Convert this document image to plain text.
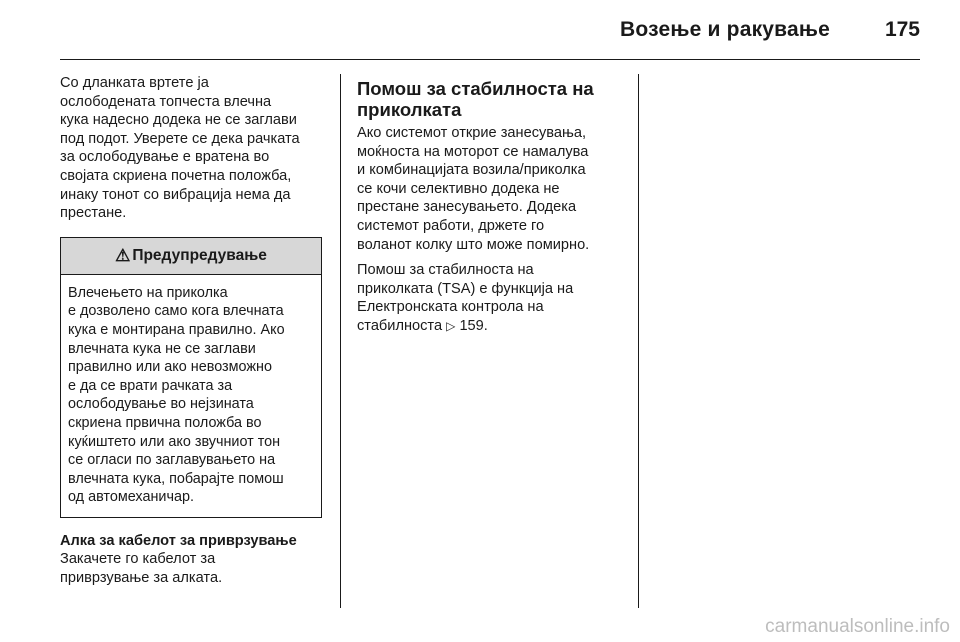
Возење и ракување	175

Со дланката вртете ја
ослободената топчеста влечна
кука надесно додека не се заглави
под подот. Уверете се дека рачката
за ослободување е вратена во
својата скриена почетна положба,
инаку тонот со вибрација нема да
престане.

⚠ Предупредување
Влечењето на приколка
е дозволено само кога влечната
кука е монтирана правилно. Ако
влечната кука не се заглави
правилно или ако невозможно
е да се врати рачката за
ослободување во нејзината
скриена првична положба во
куќиштето или ако звучниот тон
се огласи по заглавувањето на
влечната кука, побарајте помош
од автомеханичар.
Алка за кабелот за приврзување

Закачете го кабелот за
приврзување за алката.

Помош за стабилноста на
приколката

Ако системот открие занесувања,
моќноста на моторот се намалува
и комбинацијата возила/приколка
се кочи селективно додека не
престане занесувањето. Додека
системот работи, држете го
воланот колку што може помирно.

Помош за стабилноста на
приколката (TSA) е функција на
Електронската контрола на
стабилноста ▷ 159.

carmanualsonline.info
